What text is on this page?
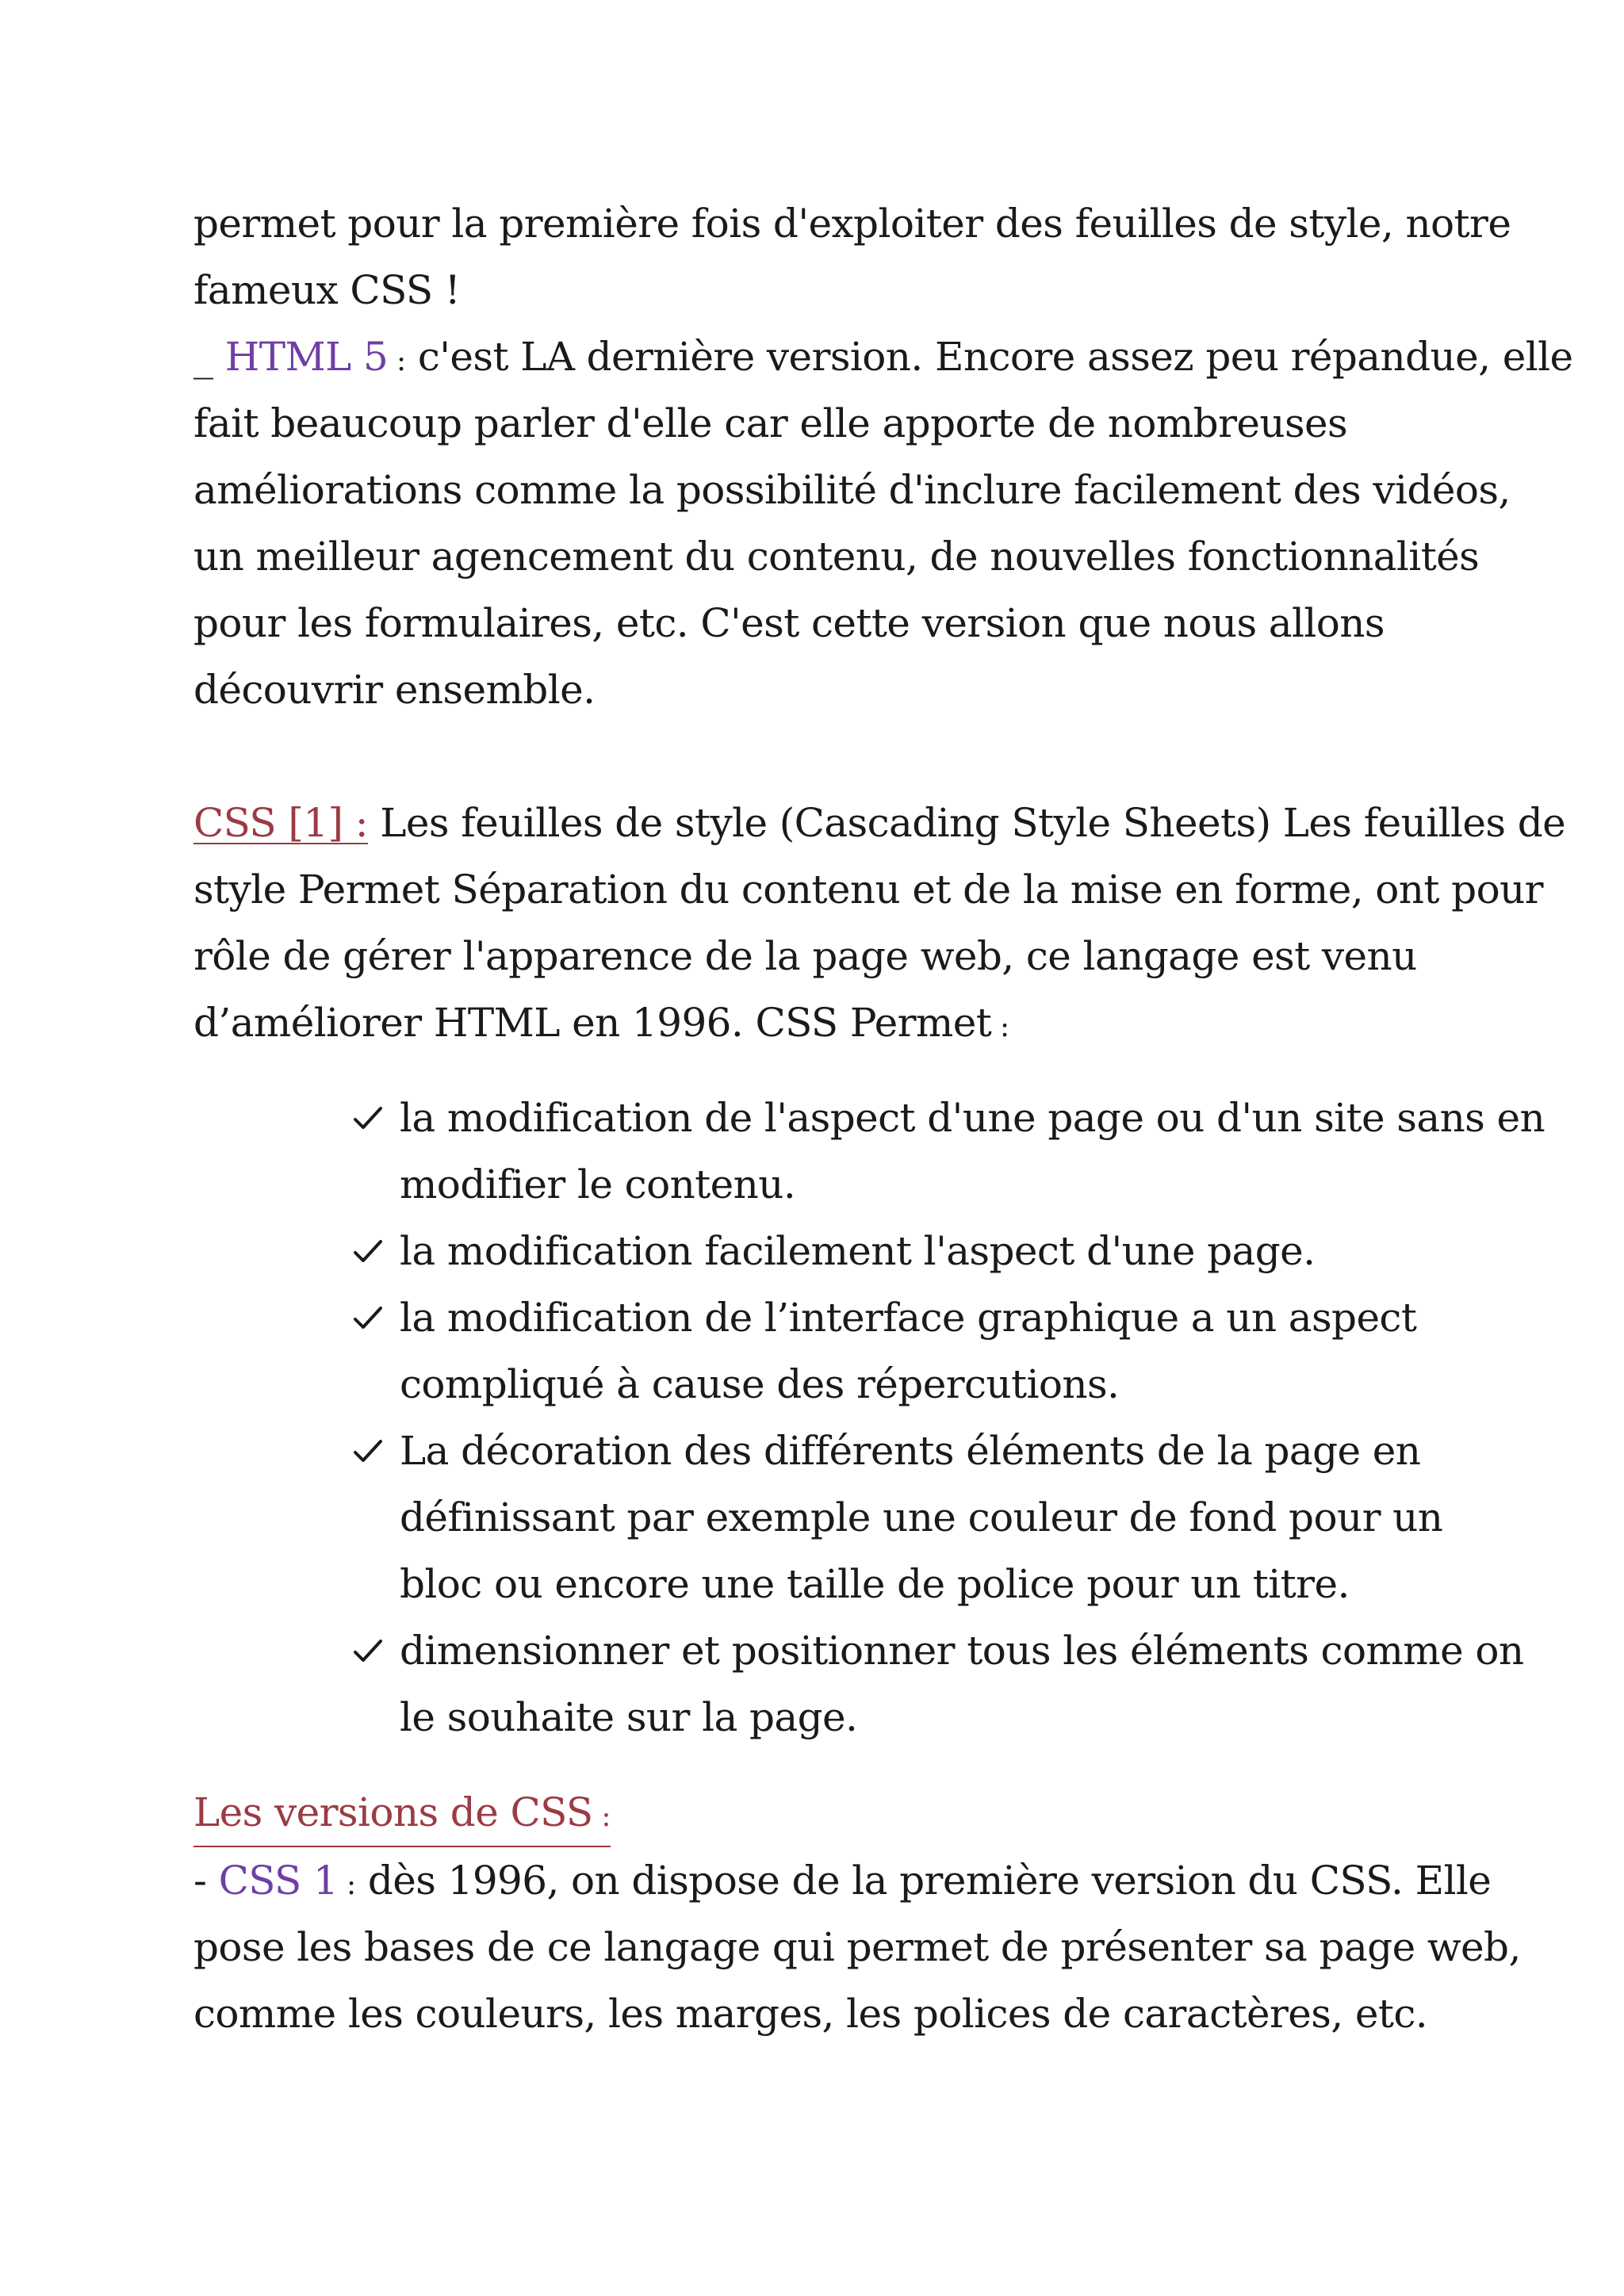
permet pour la première fois d'exploiter des feuilles de style, notre
fameux CSS !
_ HTML 5 : c'est LA dernière version. Encore assez peu répandue, elle
fait beaucoup parler d'elle car elle apporte de nombreuses
améliorations comme la possibilité d'inclure facilement des vidéos,
un meilleur agencement du contenu, de nouvelles fonctionnalités
pour les formulaires, etc. C'est cette version que nous allons
découvrir ensemble.
CSS [1] : Les feuilles de style (Cascading Style Sheets) Les feuilles de
style Permet Séparation du contenu et de la mise en forme, ont pour
rôle de gérer l'apparence de la page web, ce langage est venu
d’améliorer HTML en 1996. CSS Permet :
la modification de l'aspect d'une page ou d'un site sans en
modifier le contenu.
la modification facilement l'aspect d'une page.
la modification de l’interface graphique a un aspect
compliqué à cause des répercutions.
La décoration des différents éléments de la page en
définissant par exemple une couleur de fond pour un
bloc ou encore une taille de police pour un titre.
dimensionner et positionner tous les éléments comme on
le souhaite sur la page.
Les versions de CSS :
- CSS 1 : dès 1996, on dispose de la première version du CSS. Elle
pose les bases de ce langage qui permet de présenter sa page web,
comme les couleurs, les marges, les polices de caractères, etc.
